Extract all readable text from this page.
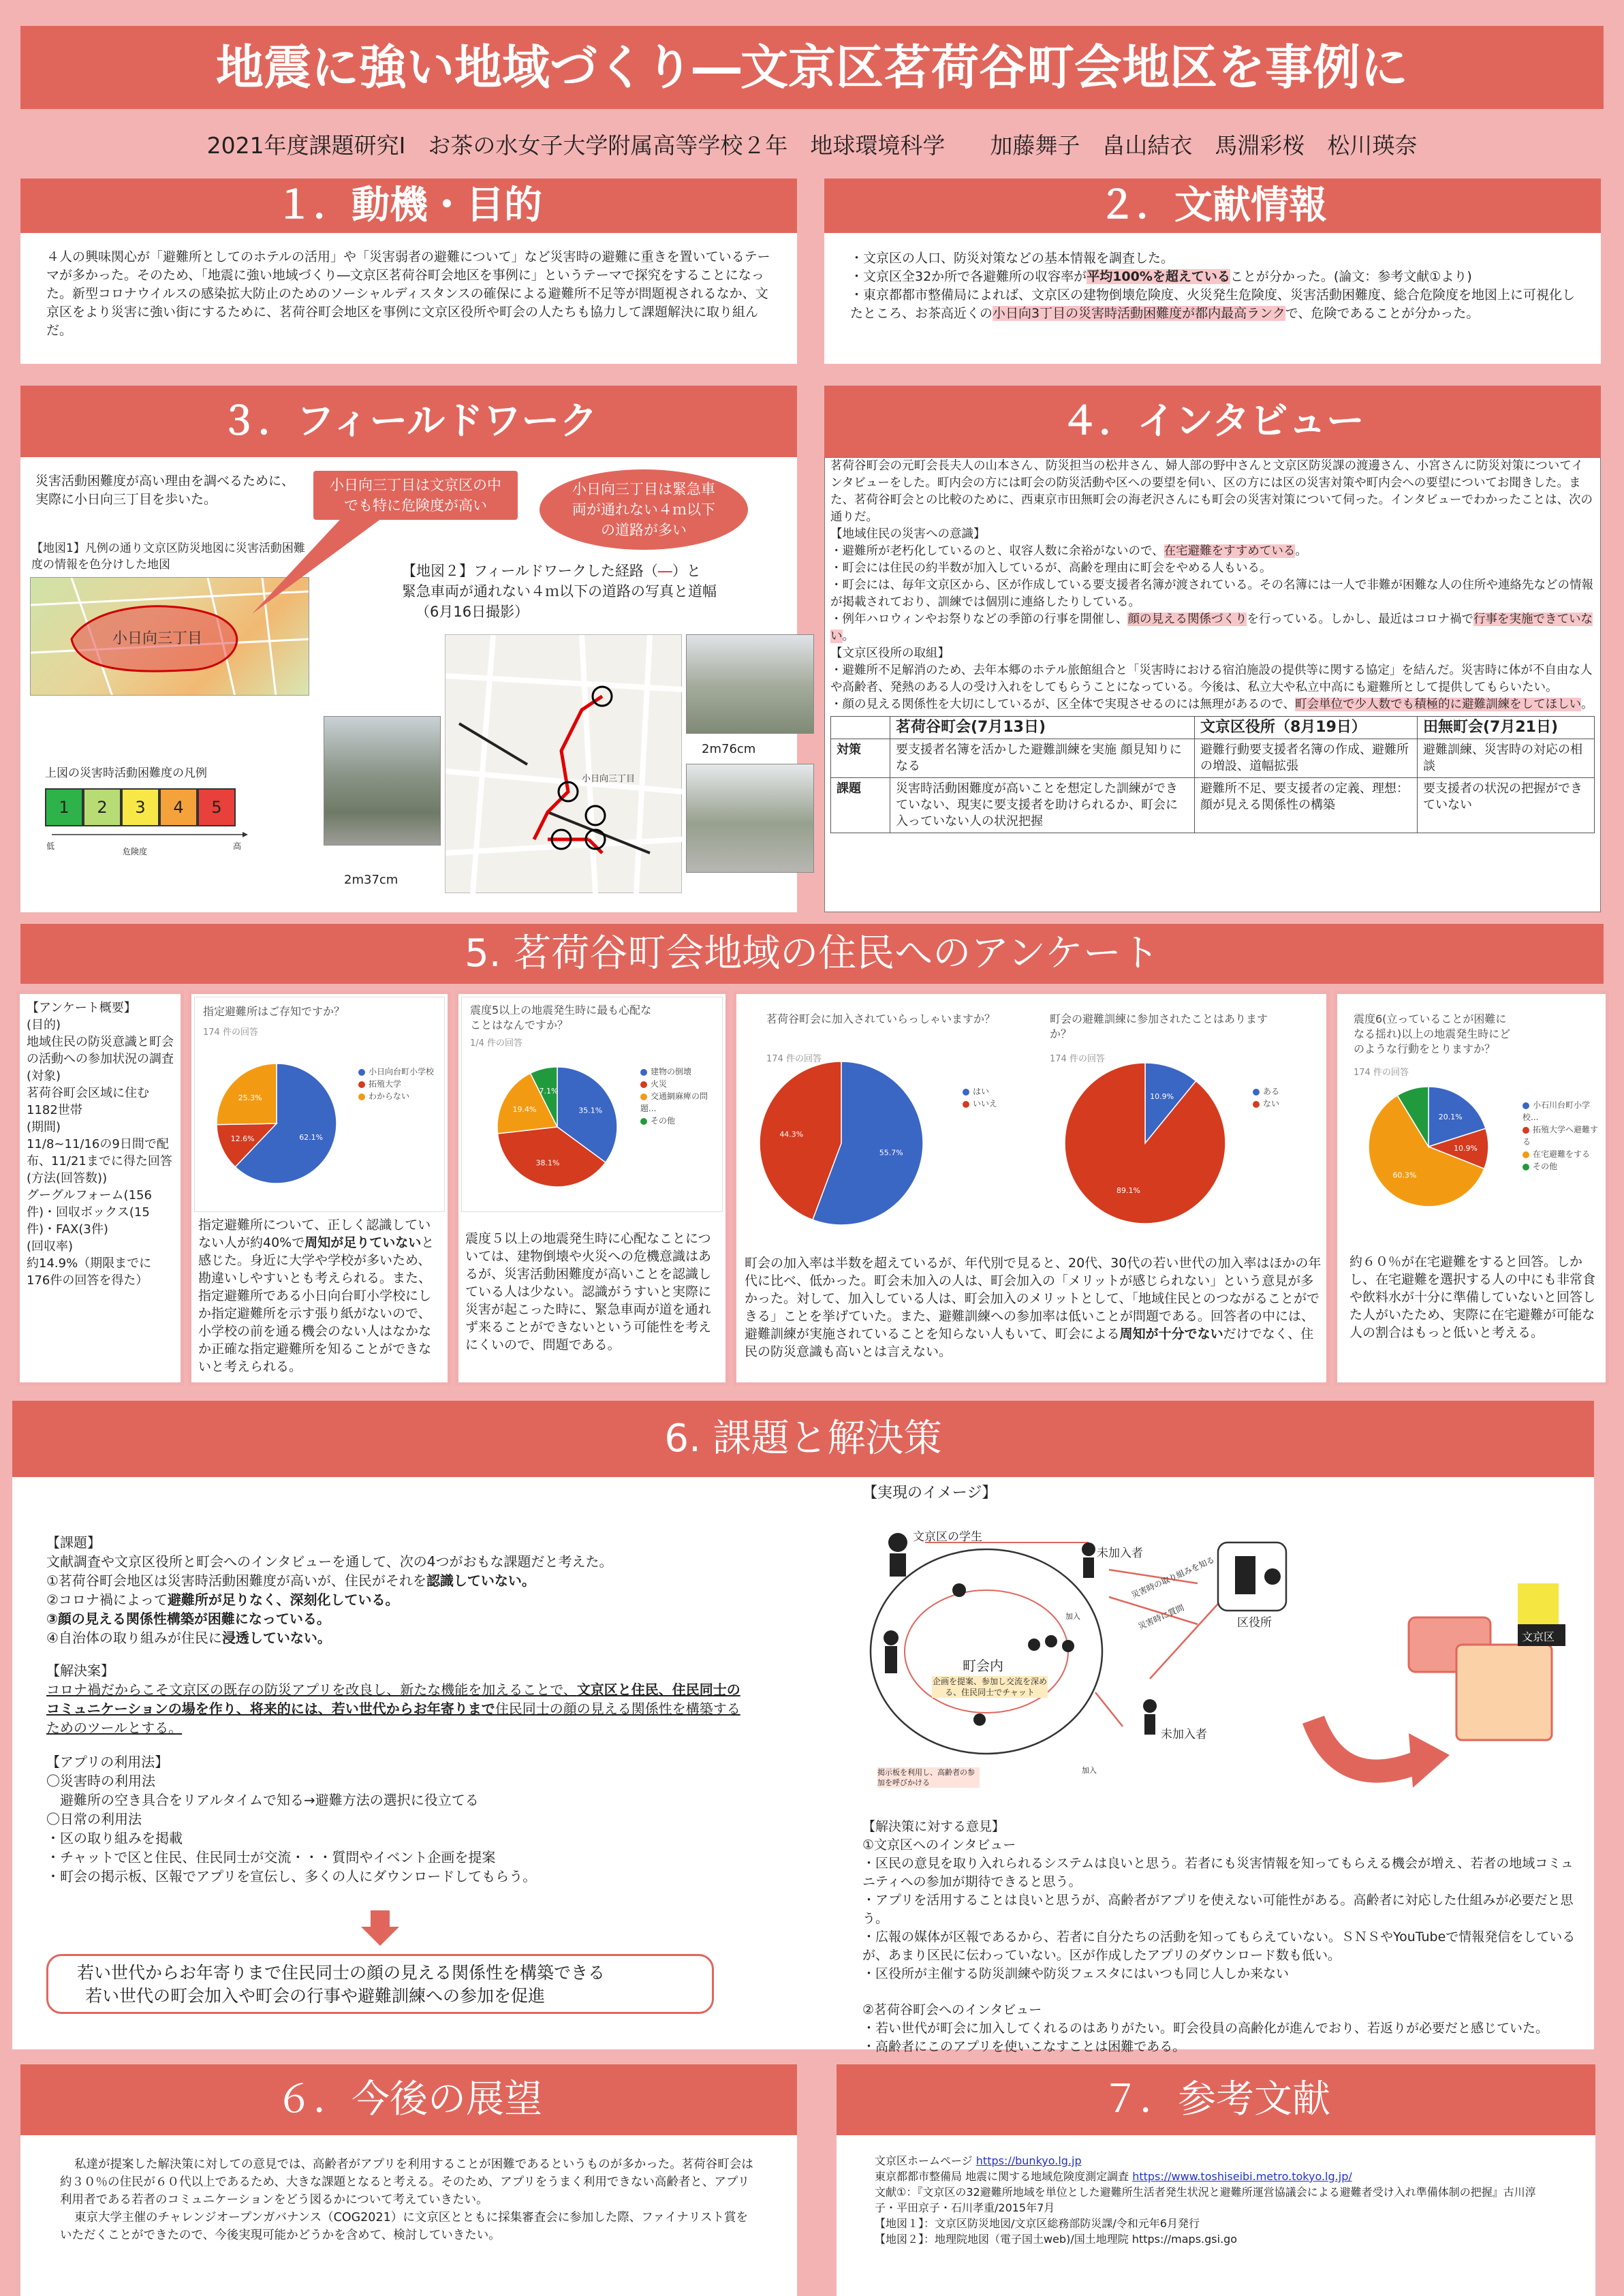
地震に強い地域づくり―文京区茗荷谷町会地区を事例に
2021年度課題研究Ⅰ　お茶の水女子大学附属高等学校２年　地球環境科学　　加藤舞子　畠山結衣　馬淵彩桜　松川瑛奈
１．動機・目的
４人の興味関心が「避難所としてのホテルの活用」や「災害弱者の避難について」など災害時の避難に重きを置いているテーマが多かった。そのため、「地震に強い地域づくり―文京区茗荷谷町会地区を事例に」というテーマで探究をすることになった。新型コロナウイルスの感染拡大防止のためのソーシャルディスタンスの確保による避難所不足等が問題視されるなか、文京区をより災害に強い街にするために、茗荷谷町会地区を事例に文京区役所や町会の人たちも協力して課題解決に取り組んだ。
２．文献情報
・文京区の人口、防災対策などの基本情報を調査した。
・文京区全32か所で各避難所の収容率が平均100%を超えていることが分かった。(論文：参考文献①より)
・東京都都市整備局によれば、文京区の建物倒壊危険度、火災発生危険度、災害活動困難度、総合危険度を地図上に可視化したところ、お茶高近くの小日向3丁目の災害時活動困難度が都内最高ランクで、危険であることが分かった。
３．フィールドワーク
災害活動困難度が高い理由を調べるために、実際に小日向三丁目を歩いた。
【地図1】凡例の通り文京区防災地図に災害活動困難度の情報を色分けした地図
小日向三丁目
小日向三丁目は文京区の中でも特に危険度が高い
小日向三丁目は緊急車両が通れない４ｍ以下の道路が多い
上図の災害時活動困難度の凡例
1	2	3	4	5
低
危険度
高
【地図２】フィールドワークした経路（―）と
緊急車両が通れない４ｍ以下の道路の写真と道幅
（6月16日撮影）
小日向三丁目
2m76cm
2m37cm
４．インタビュー
茗荷谷町会の元町会長夫人の山本さん、防災担当の松井さん、婦人部の野中さんと文京区防災課の渡邊さん、小宮さんに防災対策についてインタビューをした。町内会の方には町会の防災活動や区への要望を伺い、区の方には区の災害対策や町内会への要望についてお聞きした。また、茗荷谷町会との比較のために、西東京市田無町会の海老沢さんにも町会の災害対策について伺った。インタビューでわかったことは、次の通りだ。
【地域住民の災害への意識】
・避難所が老朽化しているのと、収容人数に余裕がないので、在宅避難をすすめている。
・町会には住民の約半数が加入しているが、高齢を理由に町会をやめる人もいる。
・町会には、毎年文京区から、区が作成している要支援者名簿が渡されている。その名簿には一人で非難が困難な人の住所や連絡先などの情報が掲載されており、訓練では個別に連絡したりしている。
・例年ハロウィンやお祭りなどの季節の行事を開催し、顔の見える関係づくりを行っている。しかし、最近はコロナ禍で行事を実施できていない。
【文京区役所の取組】
・避難所不足解消のため、去年本郷のホテル旅館組合と「災害時における宿泊施設の提供等に関する協定」を結んだ。災害時に体が不自由な人や高齢者、発熱のある人の受け入れをしてもらうことになっている。今後は、私立大や私立中高にも避難所として提供してもらいたい。
・顔の見える関係性を大切にしているが、区全体で実現させるのには無理があるので、町会単位で少人数でも積極的に避難訓練をしてほしい。
	茗荷谷町会(7月13日)	文京区役所（8月19日）	田無町会(7月21日)
対策	要支援者名簿を活かした避難訓練を実施 顔見知りになる	避難行動要支援者名簿の作成、避難所の増設、道幅拡張	避難訓練、災害時の対応の相談
課題	災害時活動困難度が高いことを想定した訓練ができていない、現実に要支援者を助けられるか、町会に入っていない人の状況把握	避難所不足、要支援者の定義、理想：顔が見える関係性の構築	要支援者の状況の把握ができていない
5. 茗荷谷町会地域の住民へのアンケート
【アンケート概要】
(目的)
地域住民の防災意識と町会の活動への参加状況の調査
(対象)
茗荷谷町会区域に住む1182世帯
(期間)
11/8~11/16の9日間で配布、11/21までに得た回答
(方法(回答数))
グーグルフォーム(156件)・回収ボックス(15件)・FAX(3件)
(回収率)
約14.9%（期限までに176件の回答を得た）
指定避難所はご存知ですか？
174 件の回答
62.1%
12.6%
25.3%
小日向台町小学校
拓殖大学
わからない
指定避難所について、正しく認識していない人が約40%で周知が足りていないと感じた。身近に大学や学校が多いため、勘違いしやすいとも考えられる。また、指定避難所である小日向台町小学校にしか指定避難所を示す張り紙がないので、小学校の前を通る機会のない人はなかなか正確な指定避難所を知ることができないと考えられる。
震度5以上の地震発生時に最も心配なことはなんですか？
1/4 件の回答
35.1%
38.1%
19.4%
7.1%
建物の倒壊
火災
交通網麻痺の問題...
その他
震度５以上の地震発生時に心配なことについては、建物倒壊や火災への危機意識はあるが、災害活動困難度が高いことを認識している人は少ない。認識がうすいと実際に災害が起こった時に、緊急車両が道を通れず来ることができないという可能性を考えにくいので、問題である。
茗荷谷町会に加入されていらっしゃいますか？
174 件の回答
55.7%
44.3%
はい
いいえ
町会の避難訓練に参加されたことはありますか？
174 件の回答
10.9%
89.1%
ある
ない
町会の加入率は半数を超えているが、年代別で見ると、20代、30代の若い世代の加入率はほかの年代に比べ、低かった。町会未加入の人は、町会加入の「メリットが感じられない」という意見が多かった。対して、加入している人は、町会加入のメリットとして、「地域住民とのつながることができる」ことを挙げていた。また、避難訓練への参加率は低いことが問題である。回答者の中には、避難訓練が実施されていることを知らない人もいて、町会による周知が十分でないだけでなく、住民の防災意識も高いとは言えない。
震度6(立っていることが困難になる揺れ)以上の地震発生時にどのような行動をとりますか？
174 件の回答
20.1%
10.9%
60.3%
小石川台町小学校...
拓殖大学へ避難する
在宅避難をする
その他
約６０％が在宅避難をすると回答。しかし、在宅避難を選択する人の中にも非常食や飲料水が十分に準備していないと回答した人がいたため、実際に在宅避難が可能な人の割合はもっと低いと考える。
6. 課題と解決策
【課題】
文献調査や文京区役所と町会へのインタビューを通して、次の4つがおもな課題だと考えた。
①茗荷谷町会地区は災害時活動困難度が高いが、住民がそれを認識していない。
②コロナ禍によって避難所が足りなく、深刻化している。
③顔の見える関係性構築が困難になっている。
④自治体の取り組みが住民に浸透していない。
【解決案】
コロナ禍だからこそ文京区の既存の防災アプリを改良し、新たな機能を加えることで、文京区と住民、住民同士のコミュニケーションの場を作り、将来的には、若い世代からお年寄りまで住民同士の顔の見える関係性を構築するためのツールとする。
【アプリの利用法】
〇災害時の利用法
　避難所の空き具合をリアルタイムで知る→避難方法の選択に役立てる
〇日常の利用法
・区の取り組みを掲載
・チャットで区と住民、住民同士が交流・・・質問やイベント企画を提案
・町会の掲示板、区報でアプリを宣伝し、多くの人にダウンロードしてもらう。
若い世代からお年寄りまで住民同士の顔の見える関係性を構築できる
若い世代の町会加入や町会の行事や避難訓練への参加を促進
【実現のイメージ】
文京区の学生
未加入者
未加入者
区役所
町会内
企画を提案、参加し交流を深める、住民同士でチャット
加入
加入
災害時の取り組みを知る
災害時に質問
掲示板を利用し、高齢者の参加を呼びかける
文京区
【解決策に対する意見】
①文京区へのインタビュー
・区民の意見を取り入れられるシステムは良いと思う。若者にも災害情報を知ってもらえる機会が増え、若者の地域コミュニティへの参加が期待できると思う。
・アプリを活用することは良いと思うが、高齢者がアプリを使えない可能性がある。高齢者に対応した仕組みが必要だと思う。
・広報の媒体が区報であるから、若者に自分たちの活動を知ってもらえていない。ＳＮＳやYouTubeで情報発信をしているが、あまり区民に伝わっていない。区が作成したアプリのダウンロード数も低い。
・区役所が主催する防災訓練や防災フェスタにはいつも同じ人しか来ない
②茗荷谷町会へのインタビュー
・若い世代が町会に加入してくれるのはありがたい。町会役員の高齢化が進んでおり、若返りが必要だと感じていた。
・高齢者にこのアプリを使いこなすことは困難である。
６．今後の展望
私達が提案した解決策に対しての意見では、高齢者がアプリを利用することが困難であるというものが多かった。茗荷谷町会は約３０％の住民が６０代以上であるため、大きな課題となると考える。そのため、アプリをうまく利用できない高齢者と、アプリ利用者である若者のコミュニケーションをどう図るかについて考えていきたい。
東京大学主催のチャレンジオープンガバナンス（COG2021）に文京区とともに採集審査会に参加した際、ファイナリスト賞をいただくことができたので、今後実現可能かどうかを含めて、検討していきたい。
７．参考文献
文京区ホームページ https://bunkyo.lg.jp
東京都都市整備局 地震に関する地域危険度測定調査 https://www.toshiseibi.metro.tokyo.lg.jp/
文献①：『文京区の32避難所地域を単位とした避難所生活者発生状況と避難所運営協議会による避難者受け入れ準備体制の把握』古川淳子・平田京子・石川孝重/2015年7月
【地図１】：文京区防災地図/文京区総務部防災課/令和元年6月発行
【地図２】：地理院地図（電子国土web)/国土地理院 https://maps.gsi.go
